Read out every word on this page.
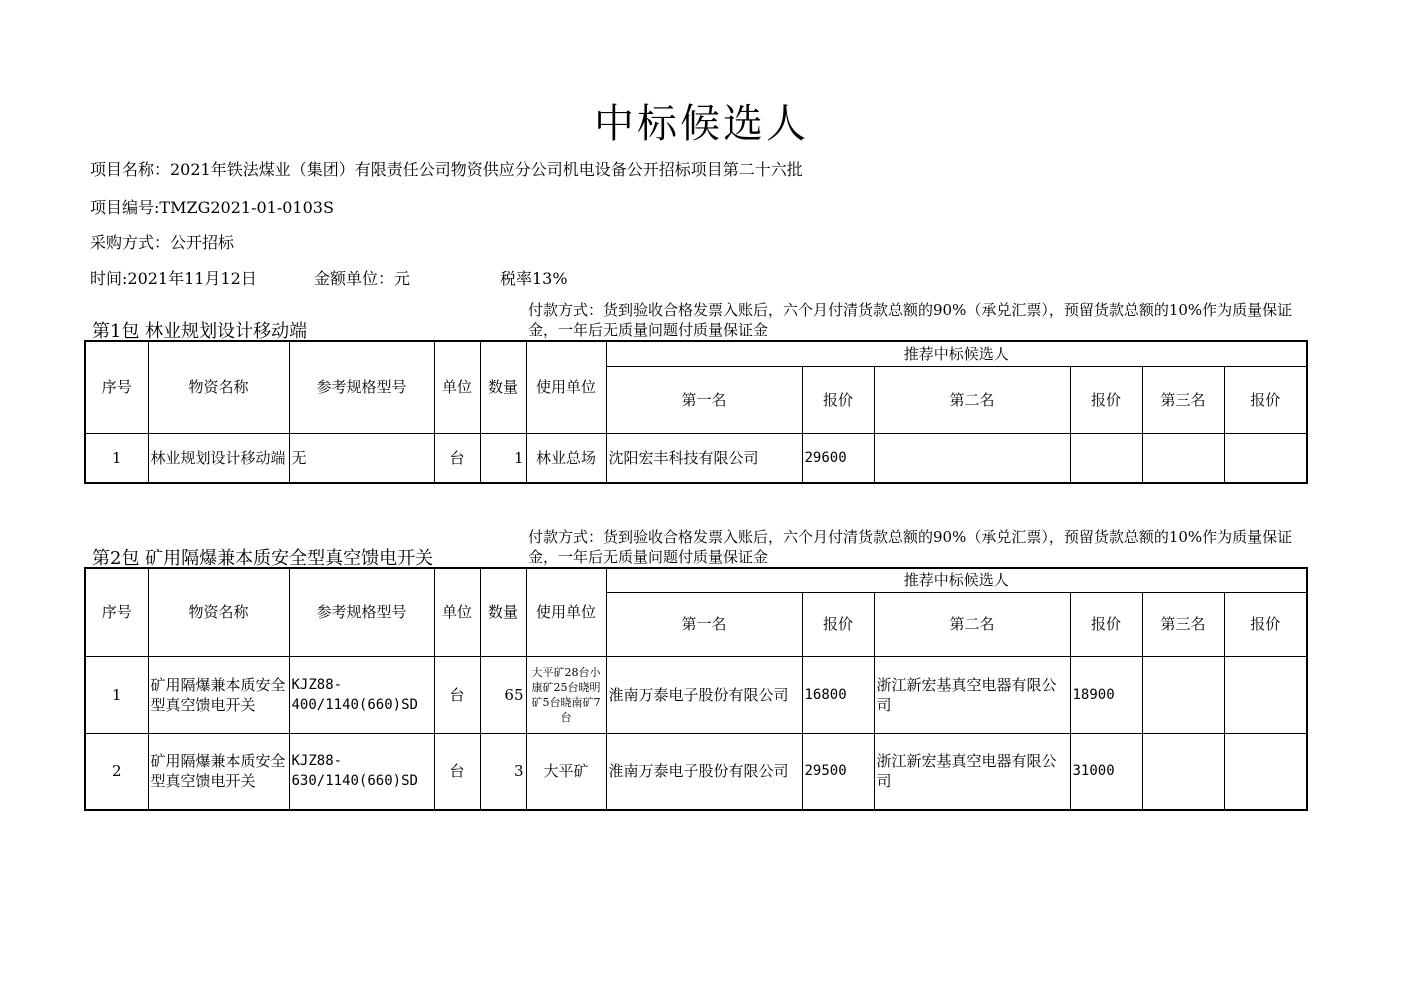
中标候选人
项目名称：2021年铁法煤业（集团）有限责任公司物资供应分公司机电设备公开招标项目第二十六批
项目编号:TMZG2021-01-0103S
采购方式：公开招标
时间:2021年11月12日	金额单位：元	税率13%
第1包 林业规划设计移动端
付款方式：货到验收合格发票入账后，六个月付清货款总额的90%（承兑汇票），预留货款总额的10%作为质量保证金，一年后无质量问题付质量保证金
序号	物资名称	参考规格型号	单位	数量	使用单位	推荐中标候选人					
						第一名	报价	第二名	报价	第三名	报价
1	林业规划设计移动端	无	台	1	林业总场	沈阳宏丰科技有限公司	29600				
第2包 矿用隔爆兼本质安全型真空馈电开关
付款方式：货到验收合格发票入账后，六个月付清货款总额的90%（承兑汇票），预留货款总额的10%作为质量保证金，一年后无质量问题付质量保证金
序号	物资名称	参考规格型号	单位	数量	使用单位	推荐中标候选人					
						第一名	报价	第二名	报价	第三名	报价
1	矿用隔爆兼本质安全型真空馈电开关	KJZ88-400/1140(660)SD	台	65	大平矿28台小康矿25台晓明矿5台晓南矿7台	淮南万泰电子股份有限公司	16800	浙江新宏基真空电器有限公司	18900		
2	矿用隔爆兼本质安全型真空馈电开关	KJZ88-630/1140(660)SD	台	3	大平矿	淮南万泰电子股份有限公司	29500	浙江新宏基真空电器有限公司	31000		
